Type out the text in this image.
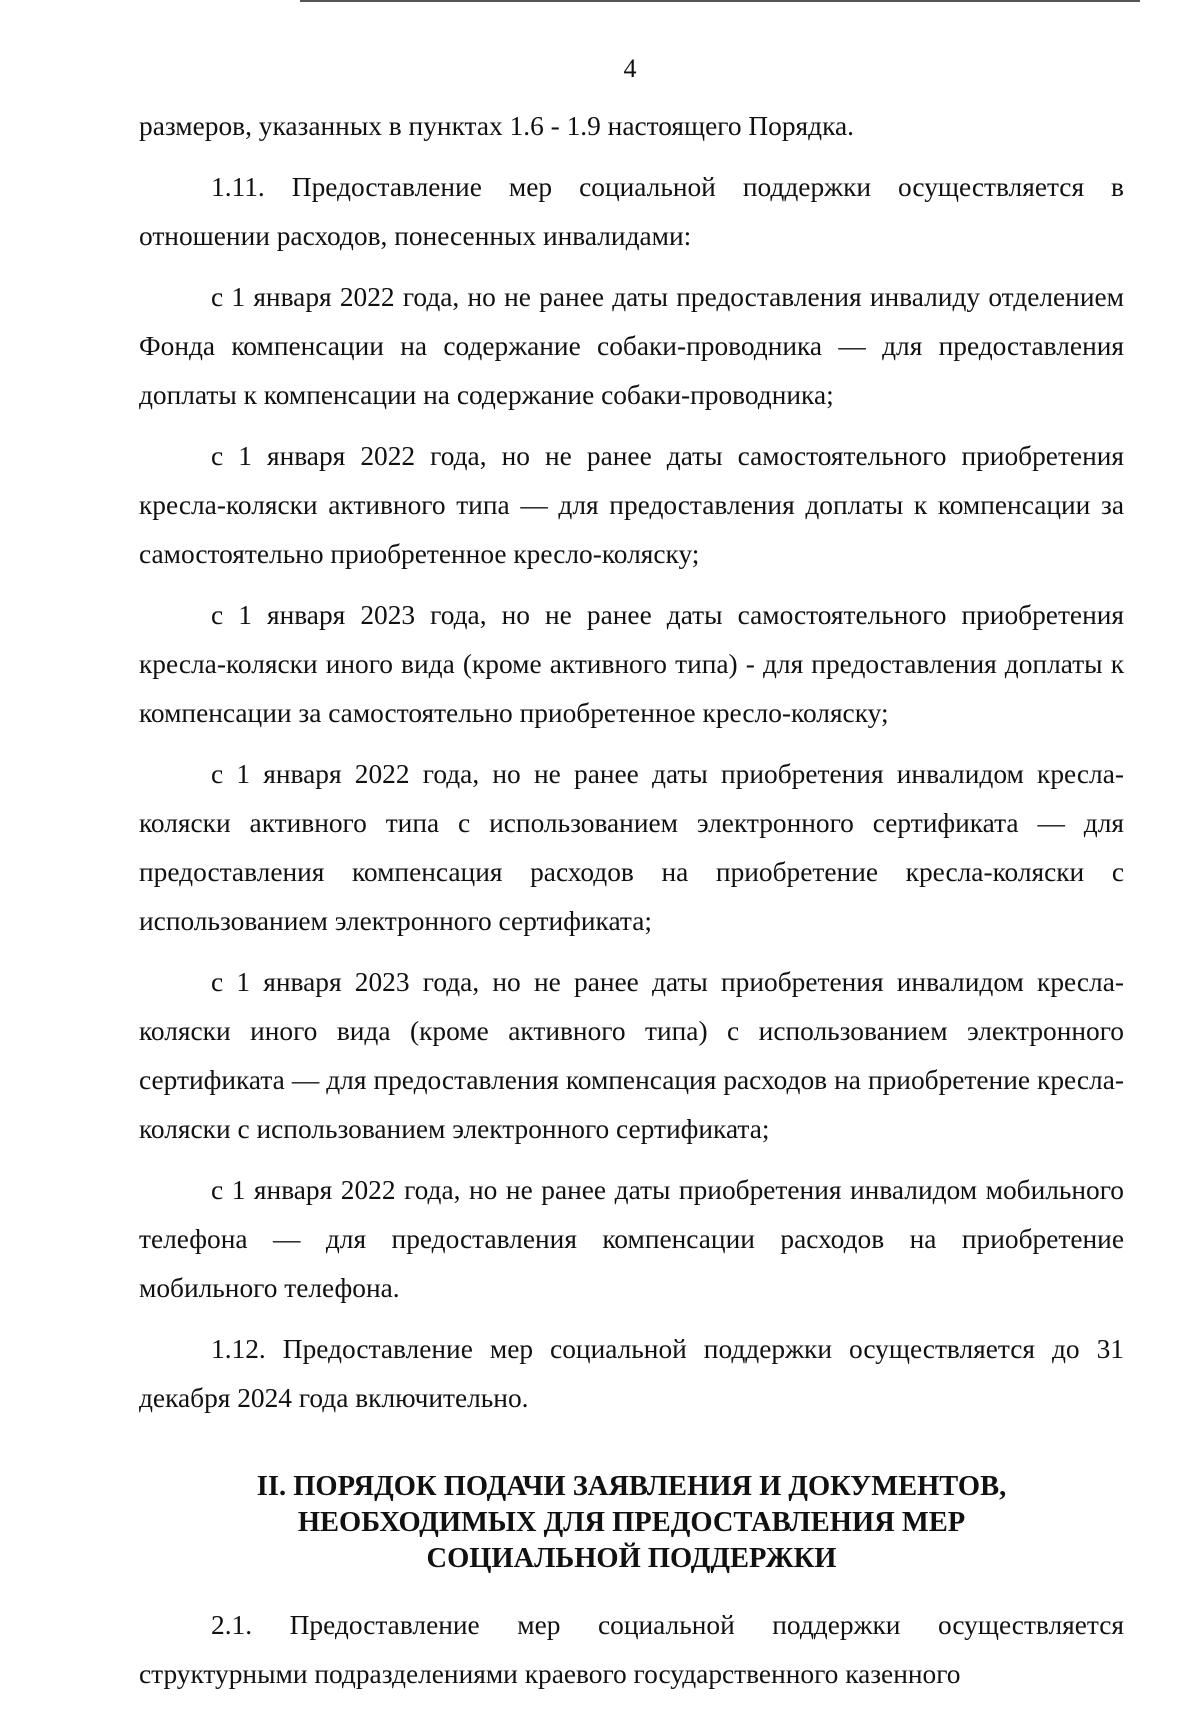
4

размеров, указанных в пунктах 1.6 - 1.9 настоящего Порядка.

1.11. Предоставление мер социальной поддержки осуществляется в отношении расходов, понесенных инвалидами:

с 1 января 2022 года, но не ранее даты предоставления инвалиду отделением Фонда компенсации на содержание собаки-проводника — для предоставления доплаты к компенсации на содержание собаки-проводника;

с 1 января 2022 года, но не ранее даты самостоятельного приобретения кресла-коляски активного типа — для предоставления доплаты к компенсации за самостоятельно приобретенное кресло-коляску;

с 1 января 2023 года, но не ранее даты самостоятельного приобретения кресла-коляски иного вида (кроме активного типа) - для предоставления доплаты к компенсации за самостоятельно приобретенное кресло-коляску;

с 1 января 2022 года, но не ранее даты приобретения инвалидом кресла-коляски активного типа с использованием электронного сертификата — для предоставления компенсация расходов на приобретение кресла-коляски с использованием электронного сертификата;

с 1 января 2023 года, но не ранее даты приобретения инвалидом кресла-коляски иного вида (кроме активного типа) с использованием электронного сертификата — для предоставления компенсация расходов на приобретение кресла-коляски с использованием электронного сертификата;

с 1 января 2022 года, но не ранее даты приобретения инвалидом мобильного телефона — для предоставления компенсации расходов на приобретение мобильного телефона.

1.12. Предоставление мер социальной поддержки осуществляется до 31 декабря 2024 года включительно.

II. ПОРЯДОК ПОДАЧИ ЗАЯВЛЕНИЯ И ДОКУМЕНТОВ,
НЕОБХОДИМЫХ ДЛЯ ПРЕДОСТАВЛЕНИЯ МЕР
СОЦИАЛЬНОЙ ПОДДЕРЖКИ

2.1. Предоставление мер социальной поддержки осуществляется структурными подразделениями краевого государственного казенного
